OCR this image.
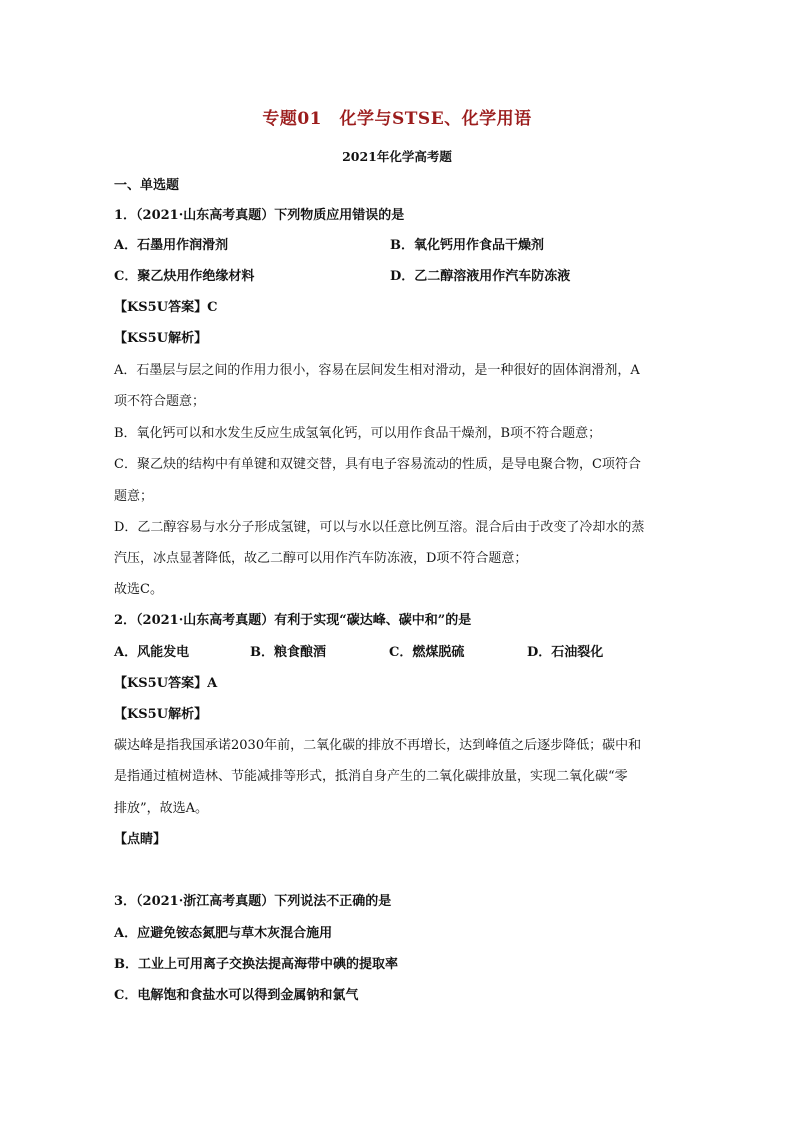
专题01　化学与STSE、化学用语
2021年化学高考题
一、单选题
1．（2021·山东高考真题）下列物质应用错误的是
A．石墨用作润滑剂	B．氧化钙用作食品干燥剂
C．聚乙炔用作绝缘材料	D．乙二醇溶液用作汽车防冻液
【KS5U答案】C
【KS5U解析】
A．石墨层与层之间的作用力很小，容易在层间发生相对滑动，是一种很好的固体润滑剂，A
项不符合题意；
B．氧化钙可以和水发生反应生成氢氧化钙，可以用作食品干燥剂，B项不符合题意；
C．聚乙炔的结构中有单键和双键交替，具有电子容易流动的性质，是导电聚合物，C项符合
题意；
D．乙二醇容易与水分子形成氢键，可以与水以任意比例互溶。混合后由于改变了冷却水的蒸
汽压，冰点显著降低，故乙二醇可以用作汽车防冻液，D项不符合题意；
故选C。
2．（2021·山东高考真题）有利于实现“碳达峰、碳中和”的是
A．风能发电	B．粮食酿酒	C．燃煤脱硫	D．石油裂化
【KS5U答案】A
【KS5U解析】
碳达峰是指我国承诺2030年前，二氧化碳的排放不再增长，达到峰值之后逐步降低；碳中和
是指通过植树造林、节能减排等形式，抵消自身产生的二氧化碳排放量，实现二氧化碳“零
排放”，故选A。
【点睛】
3．（2021·浙江高考真题）下列说法不正确的是
A．应避免铵态氮肥与草木灰混合施用
B．工业上可用离子交换法提高海带中碘的提取率
C．电解饱和食盐水可以得到金属钠和氯气
